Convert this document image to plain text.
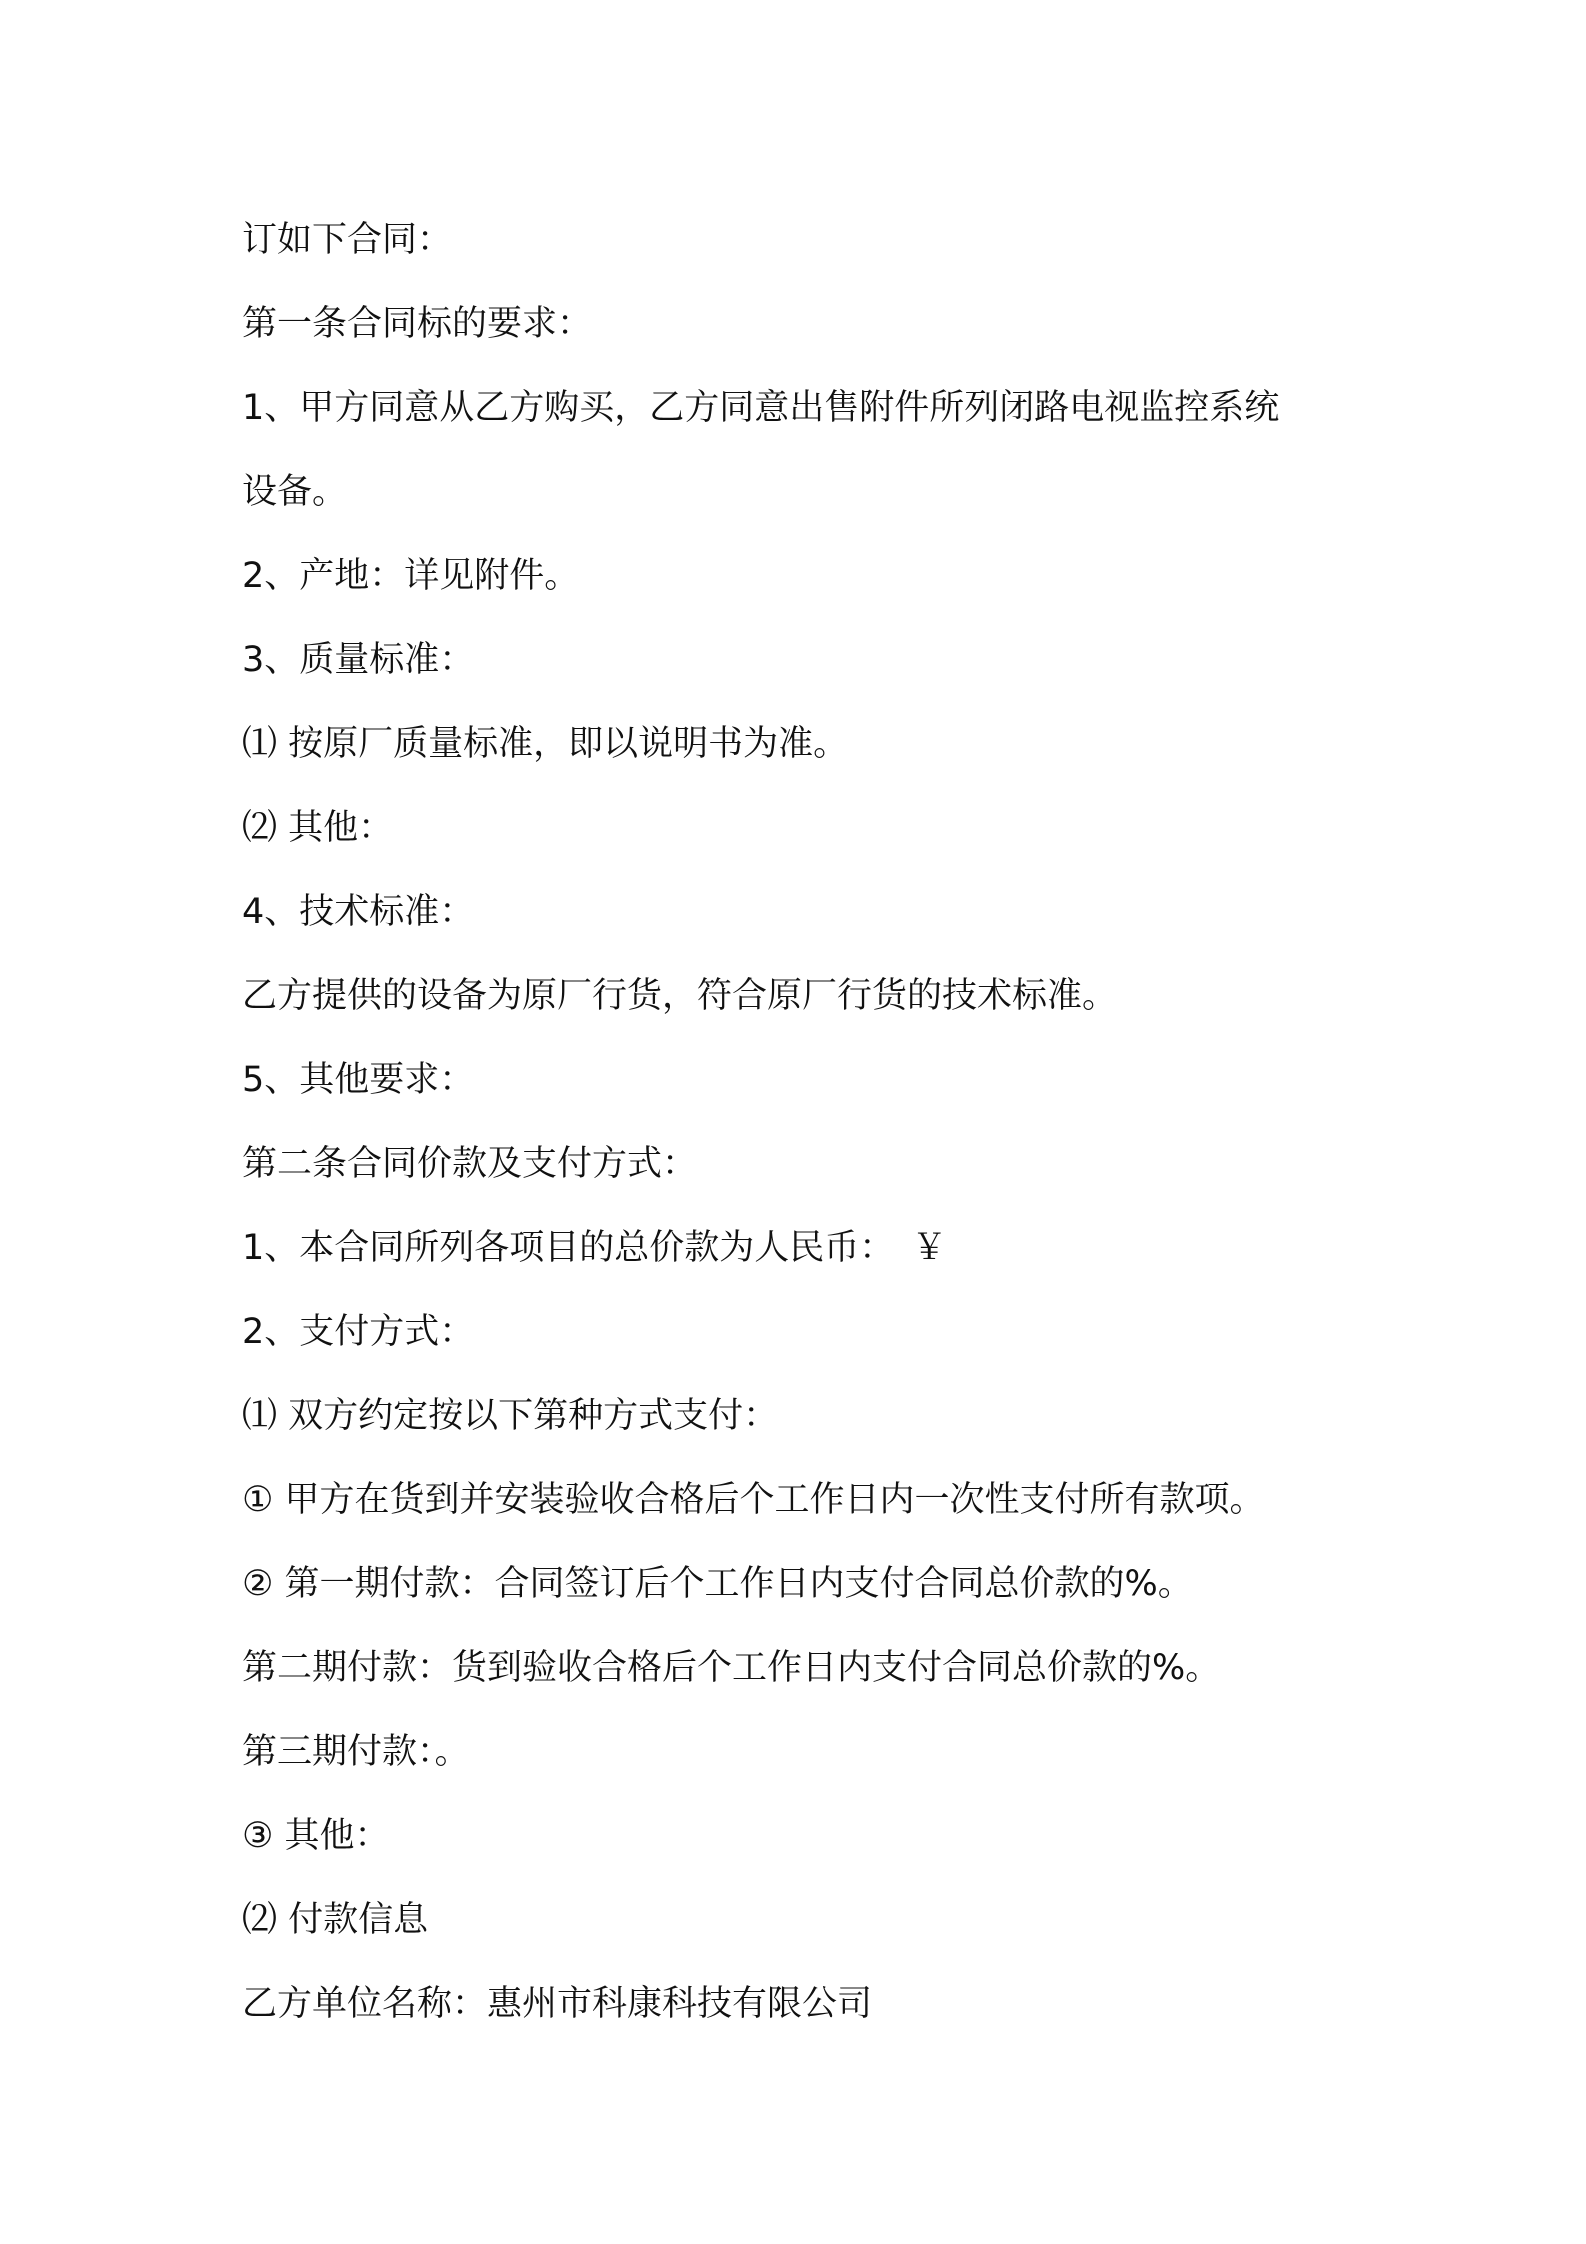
订如下合同：

第一条合同标的要求：

1、甲方同意从乙方购买，乙方同意出售附件所列闭路电视监控系统

设备。

2、产地：详见附件。

3、质量标准：

⑴ 按原厂质量标准，即以说明书为准。

⑵ 其他：

4、技术标准：

乙方提供的设备为原厂行货，符合原厂行货的技术标准。

5、其他要求：

第二条合同价款及支付方式：

1、本合同所列各项目的总价款为人民币：　￥

2、支付方式：

⑴ 双方约定按以下第种方式支付：

① 甲方在货到并安装验收合格后个工作日内一次性支付所有款项。

② 第一期付款：合同签订后个工作日内支付合同总价款的%。

第二期付款：货到验收合格后个工作日内支付合同总价款的%。

第三期付款：。

③ 其他：

⑵ 付款信息

乙方单位名称：惠州市科康科技有限公司
